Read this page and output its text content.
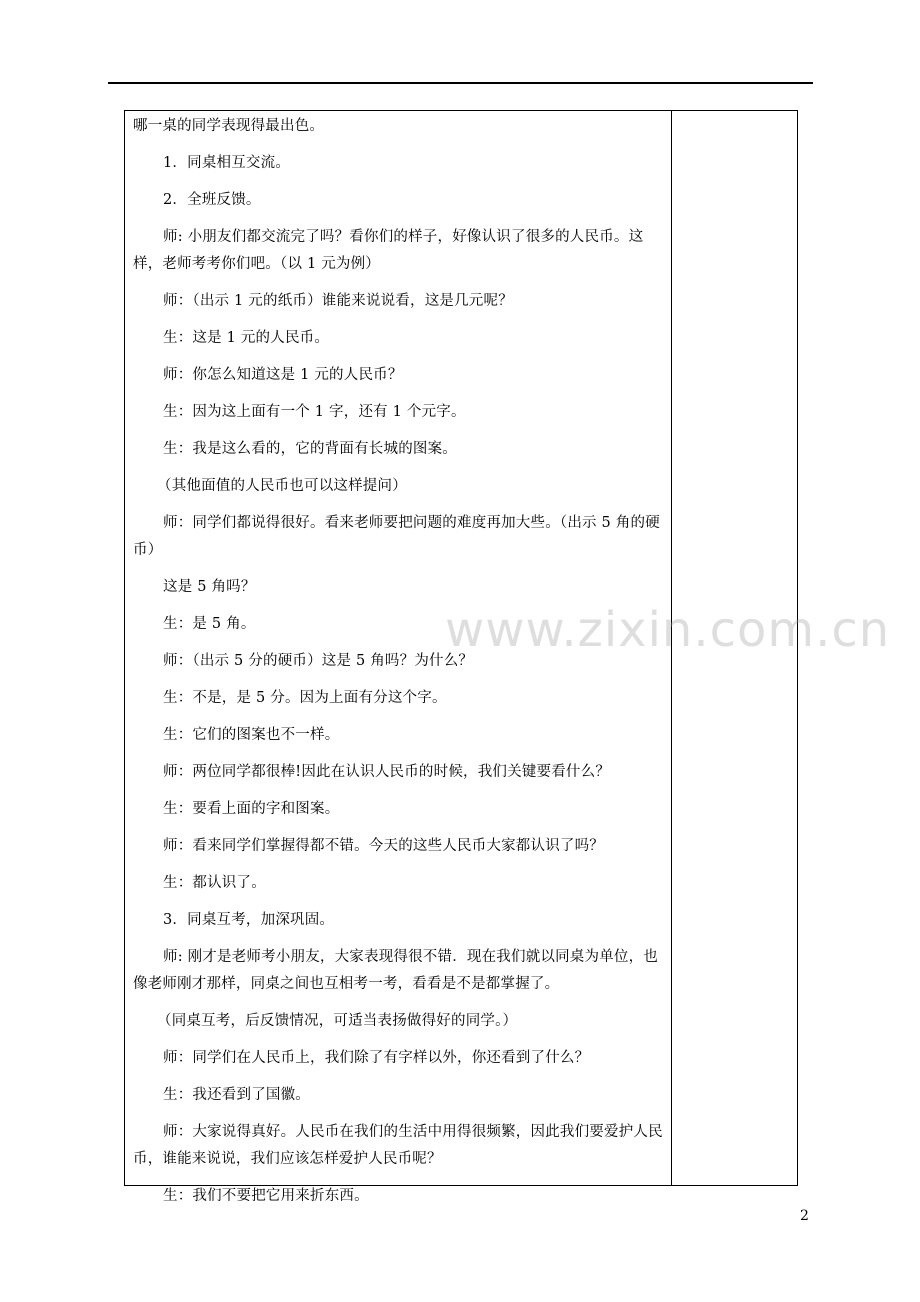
哪一桌的同学表现得最出色。

1．同桌相互交流。

2．全班反馈。

师: 小朋友们都交流完了吗？看你们的样子，好像认识了很多的人民币。这样，老师考考你们吧。（以 1 元为例）

师：（出示 1 元的纸币）谁能来说说看，这是几元呢？

生：这是 1 元的人民币。

师：你怎么知道这是 1 元的人民币？

生：因为这上面有一个 1 字，还有 1 个元字。

生：我是这么看的，它的背面有长城的图案。

（其他面值的人民币也可以这样提问）

师：同学们都说得很好。看来老师要把问题的难度再加大些。（出示 5 角的硬币）

这是 5 角吗？

生：是 5 角。

师：（出示 5 分的硬币）这是 5 角吗？为什么？

生：不是，是 5 分。因为上面有分这个字。

生：它们的图案也不一样。

师：两位同学都很棒!因此在认识人民币的时候，我们关键要看什么？

生：要看上面的字和图案。

师：看来同学们掌握得都不错。今天的这些人民币大家都认识了吗？

生：都认识了。

3．同桌互考，加深巩固。

师: 刚才是老师考小朋友，大家表现得很不错．现在我们就以同桌为单位，也像老师刚才那样，同桌之间也互相考一考，看看是不是都掌握了。

（同桌互考，后反馈情况，可适当表扬做得好的同学。）

师：同学们在人民币上，我们除了有字样以外，你还看到了什么？

生：我还看到了国徽。

师：大家说得真好。人民币在我们的生活中用得很频繁，因此我们要爱护人民币，谁能来说说，我们应该怎样爱护人民币呢？

生：我们不要把它用来折东西。

www.zixin.com.cn
2
